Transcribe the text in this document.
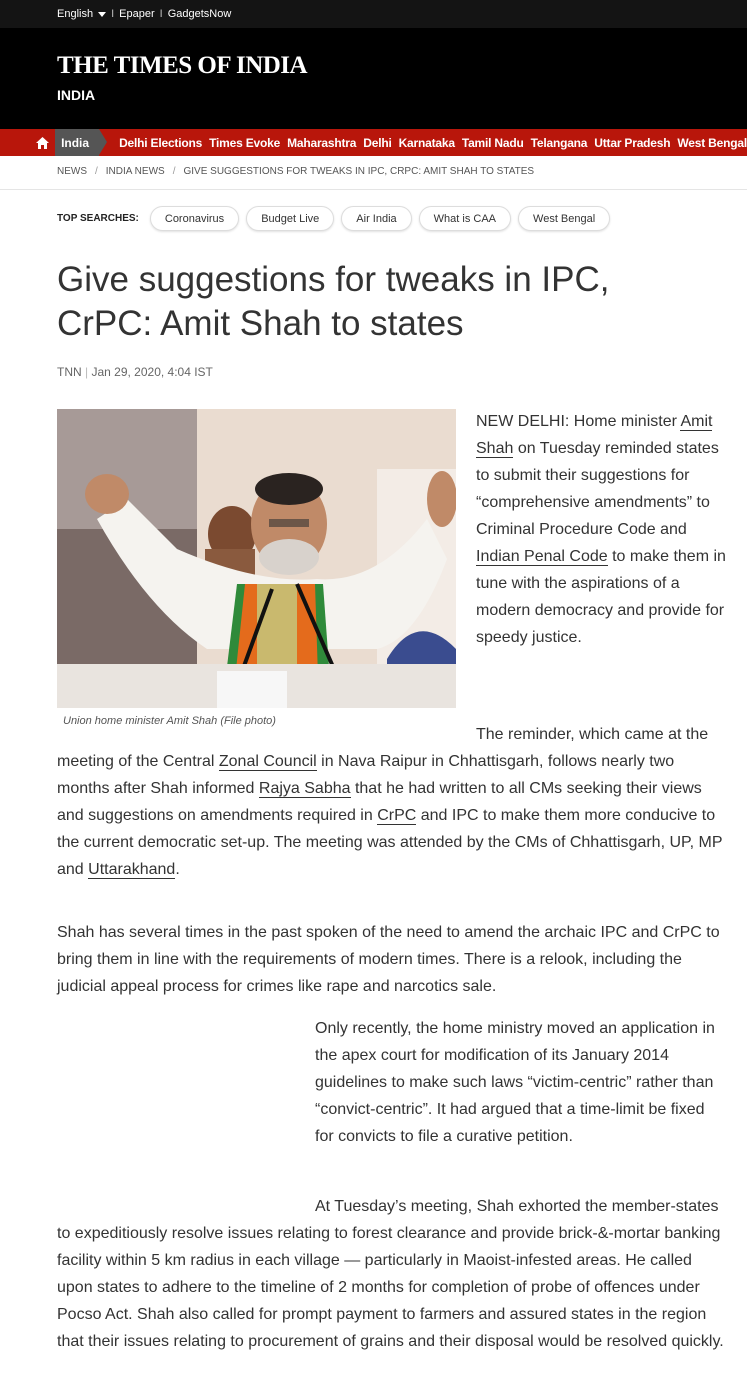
English I Epaper I GadgetsNow
THE TIMES OF INDIA
INDIA
India	Delhi Elections Times Evoke Maharashtra Delhi Karnataka Tamil Nadu Telangana Uttar Pradesh West Bengal
NEWS / INDIA NEWS / GIVE SUGGESTIONS FOR TWEAKS IN IPC, CRPC: AMIT SHAH TO STATES
TOP SEARCHES:	Coronavirus	Budget Live	Air India	What is CAA	West Bengal
Give suggestions for tweaks in IPC,
CrPC: Amit Shah to states
TNN | Jan 29, 2020, 4:04 IST
Union home minister Amit Shah (File photo)

NEW DELHI: Home minister Amit Shah on Tuesday reminded states to submit their suggestions for “comprehensive amendments” to Criminal Procedure Code and Indian Penal Code to make them in tune with the aspirations of a modern democracy and provide for speedy justice.

The reminder, which came at the meeting of the Central Zonal Council in Nava Raipur in Chhattisgarh, follows nearly two months after Shah informed Rajya Sabha that he had written to all CMs seeking their views and suggestions on amendments required in CrPC and IPC to make them more conducive to the current democratic set-up. The meeting was attended by the CMs of Chhattisgarh, UP, MP and Uttarakhand.

Shah has several times in the past spoken of the need to amend the archaic IPC and CrPC to bring them in line with the requirements of modern times. There is a relook, including the judicial appeal process for crimes like rape and narcotics sale.

Only recently, the home ministry moved an application in the apex court for modification of its January 2014 guidelines to make such laws “victim-centric” rather than “convict-centric”. It had argued that a time-limit be fixed for convicts to file a curative petition.

At Tuesday’s meeting, Shah exhorted the member-states to expeditiously resolve issues relating to forest clearance and provide brick-&-mortar banking facility within 5 km radius in each village — particularly in Maoist-infested areas. He called upon states to adhere to the timeline of 2 months for completion of probe of offences under Pocso Act. Shah also called for prompt payment to farmers and assured states in the region that their issues relating to procurement of grains and their disposal would be resolved quickly.
